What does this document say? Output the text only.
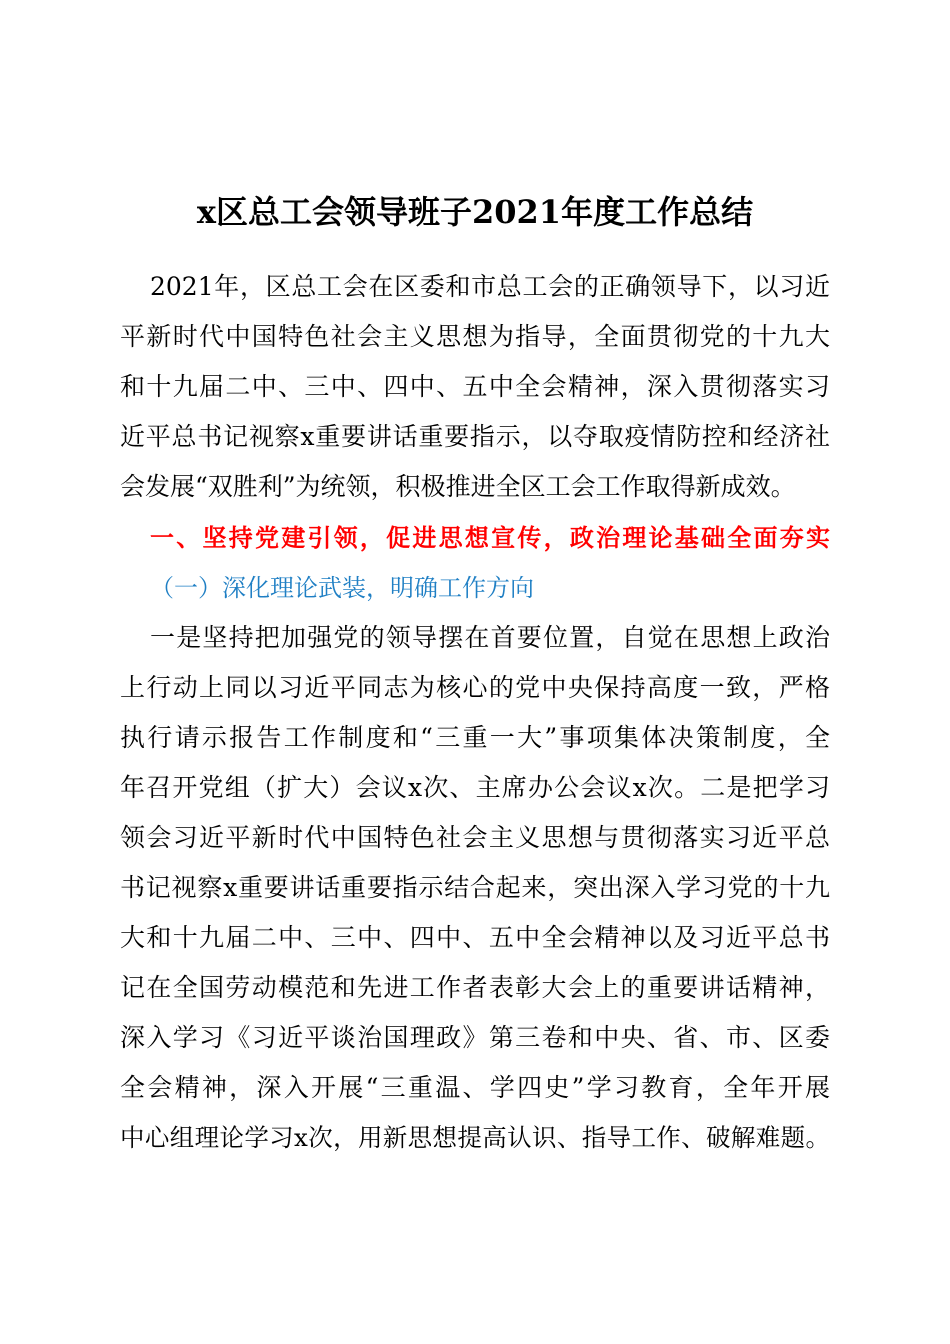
x区总工会领导班子2021年度工作总结
2021年，区总工会在区委和市总工会的正确领导下，以习近
平新时代中国特色社会主义思想为指导，全面贯彻党的十九大
和十九届二中、三中、四中、五中全会精神，深入贯彻落实习
近平总书记视察x重要讲话重要指示，以夺取疫情防控和经济社
会发展“双胜利”为统领，积极推进全区工会工作取得新成效。
一、坚持党建引领，促进思想宣传，政治理论基础全面夯实
（一）深化理论武装，明确工作方向
一是坚持把加强党的领导摆在首要位置，自觉在思想上政治
上行动上同以习近平同志为核心的党中央保持高度一致，严格
执行请示报告工作制度和“三重一大”事项集体决策制度，全
年召开党组（扩大）会议x次、主席办公会议x次。二是把学习
领会习近平新时代中国特色社会主义思想与贯彻落实习近平总
书记视察x重要讲话重要指示结合起来，突出深入学习党的十九
大和十九届二中、三中、四中、五中全会精神以及习近平总书
记在全国劳动模范和先进工作者表彰大会上的重要讲话精神，
深入学习《习近平谈治国理政》第三卷和中央、省、市、区委
全会精神，深入开展“三重温、学四史”学习教育，全年开展
中心组理论学习x次，用新思想提高认识、指导工作、破解难题。
